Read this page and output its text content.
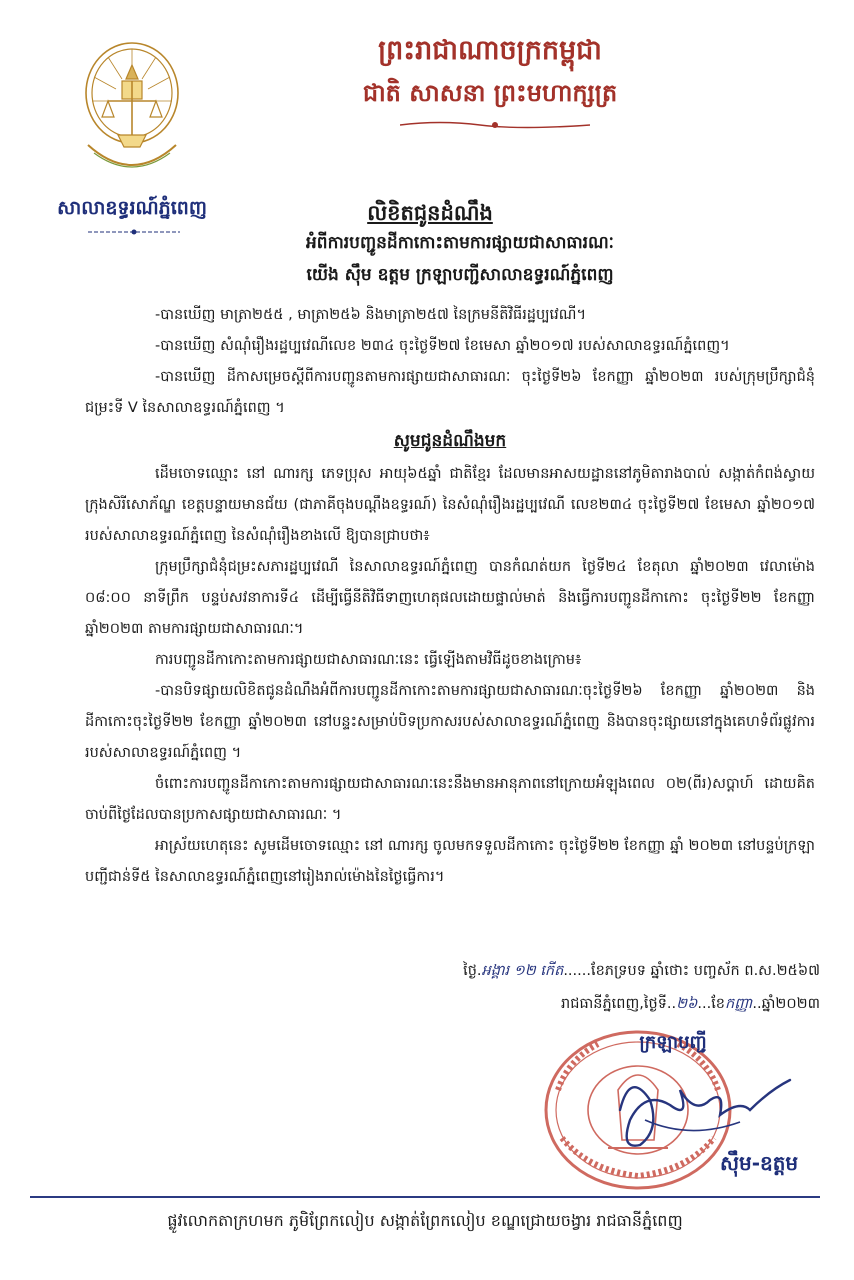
សាលាឧទ្ធរណ៍ភ្នំពេញ
ព្រះរាជាណាចក្រកម្ពុជា
ជាតិ សាសនា ព្រះមហាក្សត្រ
លិខិតជូនដំណឹង
អំពីការបញ្ជូនដីកាកោះតាមការផ្សាយជាសាធារណៈ
យើង ស៊ឹម ឧត្តម ក្រឡាបញ្ជីសាលាឧទ្ធរណ៍ភ្នំពេញ

-បានឃើញ មាត្រា២៥៥ , មាត្រា២៥៦ និងមាត្រា២៥៧ នៃក្រមនីតិវិធីរដ្ឋប្បវេណី។

-បានឃើញ សំណុំរឿងរដ្ឋប្បវេណីលេខ ២៣៤ ចុះថ្ងៃទី២៧ ខែមេសា ឆ្នាំ២០១៧ របស់សាលាឧទ្ធរណ៍ភ្នំពេញ។

-បានឃើញ ដីកាសម្រេចស្តីពីការបញ្ជូនតាមការផ្សាយជាសាធារណៈ ចុះថ្ងៃទី២៦ ខែកញ្ញា ឆ្នាំ២០២៣ របស់ក្រុមប្រឹក្សាជំនុំជម្រះទី V នៃសាលាឧទ្ធរណ៍ភ្នំពេញ ។

សូមជូនដំណឹងមក

ដើមចោទឈ្មោះ នៅ ណារក្ស ភេទប្រុស អាយុ៦៥ឆ្នាំ ជាតិខ្មែរ ដែលមានអាសយដ្ឋាននៅភូមិតារាងបាល់ សង្កាត់កំពង់ស្វាយ ក្រុងសិរីសោភ័ណ្ឌ ខេត្តបន្ទាយមានជ័យ (ជាភាគីចុងបណ្តឹងឧទ្ធរណ៍) នៃសំណុំរឿងរដ្ឋប្បវេណី លេខ២៣៤ ចុះថ្ងៃទី២៧ ខែមេសា ឆ្នាំ២០១៧ របស់សាលាឧទ្ធរណ៍ភ្នំពេញ នៃសំណុំរឿងខាងលើ ឱ្យបានជ្រាបថា៖

ក្រុមប្រឹក្សាជំនុំជម្រះសភារដ្ឋប្បវេណី នៃសាលាឧទ្ធរណ៍ភ្នំពេញ បានកំណត់យក ថ្ងៃទី២៤ ខែតុលា ឆ្នាំ២០២៣ វេលាម៉ោង ០៨:០០ នាទីព្រឹក បន្ទប់សវនាការទី៤ ដើម្បីធ្វើនីតិវិធីទាញហេតុផលដោយផ្ទាល់មាត់ និងធ្វើការបញ្ជូនដីកាកោះ ចុះថ្ងៃទី២២ ខែកញ្ញា ឆ្នាំ២០២៣ តាមការផ្សាយជាសាធារណៈ។

ការបញ្ជូនដីកាកោះតាមការផ្សាយជាសាធារណៈនេះ ធ្វើឡើងតាមវិធីដូចខាងក្រោម៖

-បានបិទផ្សាយលិខិតជូនដំណឹងអំពីការបញ្ជូនដីកាកោះតាមការផ្សាយជាសាធារណៈចុះថ្ងៃទី២៦ ខែកញ្ញា ឆ្នាំ២០២៣ និងដីកាកោះចុះថ្ងៃទី២២ ខែកញ្ញា ឆ្នាំ២០២៣ នៅបន្ទះសម្រាប់បិទប្រកាសរបស់សាលាឧទ្ធរណ៍ភ្នំពេញ និងបានចុះផ្សាយនៅក្នុងគេហទំព័រផ្លូវការរបស់សាលាឧទ្ធរណ៍ភ្នំពេញ ។

ចំពោះការបញ្ជូនដីកាកោះតាមការផ្សាយជាសាធារណៈនេះនឹងមានអានុភាពនៅក្រោយអំឡុងពេល ០២(ពីរ)សប្តាហ៍ ដោយគិតចាប់ពីថ្ងៃដែលបានប្រកាសផ្សាយជាសាធារណៈ ។

អាស្រ័យហេតុនេះ សូមដើមចោទឈ្មោះ នៅ ណារក្ស ចូលមកទទួលដីកាកោះ ចុះថ្ងៃទី២២ ខែកញ្ញា ឆ្នាំ ២០២៣ នៅបន្ទប់ក្រឡាបញ្ជីជាន់ទី៥ នៃសាលាឧទ្ធរណ៍ភ្នំពេញនៅរៀងរាល់ម៉ោងនៃថ្ងៃធ្វើការ។

ថ្ងៃ.អង្គារ ១២ កើត......ខែភទ្របទ ឆ្នាំថោះ បញ្ចស័ក ព.ស.២៥៦៧
រាជធានីភ្នំពេញ,ថ្ងៃទី..២៦...ខែកញ្ញា..ឆ្នាំ២០២៣
ក្រឡាបញ្ជី
ស៊ឹម-ឧត្តម
ផ្លូវលោកតាក្រហមក ភូមិព្រែកលៀប សង្កាត់ព្រែកលៀប ខណ្ឌជ្រោយចង្វារ រាជធានីភ្នំពេញ
